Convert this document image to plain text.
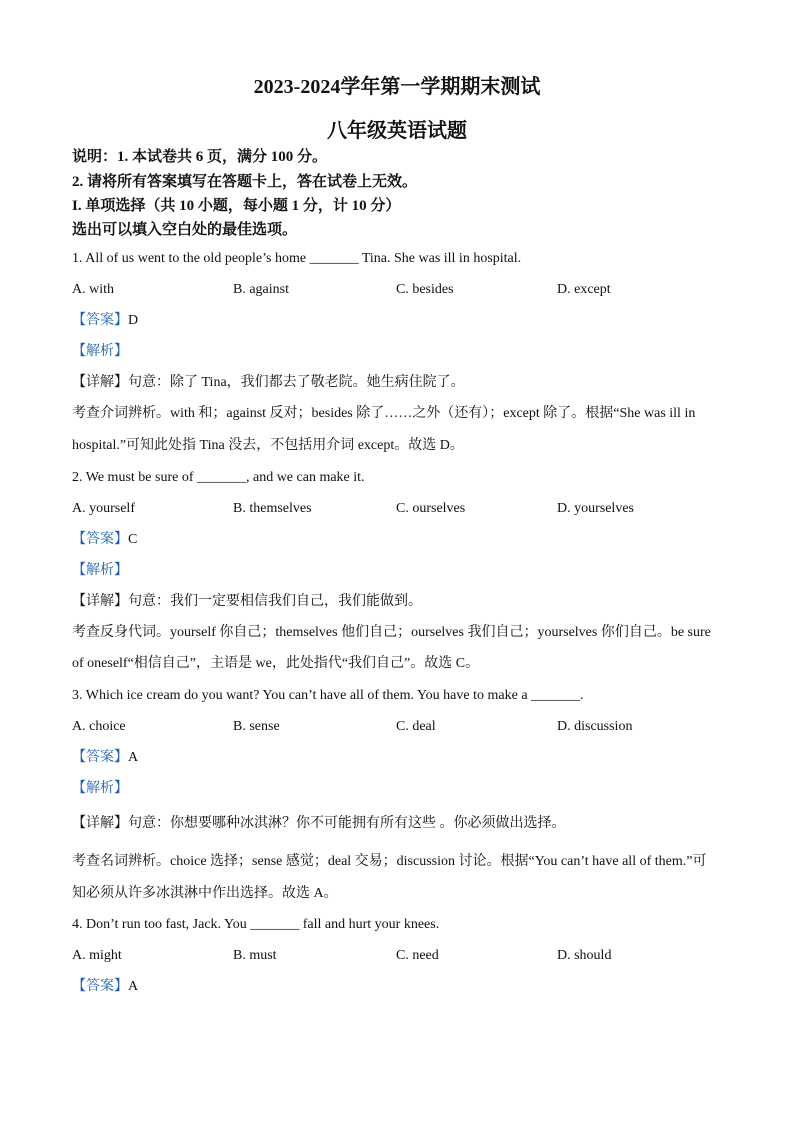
2023-2024学年第一学期期末测试
八年级英语试题
说明：1. 本试卷共 6 页，满分 100 分。
2. 请将所有答案填写在答题卡上，答在试卷上无效。
I. 单项选择（共 10 小题，每小题 1 分，计 10 分）
选出可以填入空白处的最佳选项。
1. All of us went to the old people’s home _______ Tina. She was ill in hospital.
A. with	B. against	C. besides	D. except
【答案】D
【解析】
【详解】句意：除了 Tina，我们都去了敬老院。她生病住院了。
考查介词辨析。with 和；against 反对；besides 除了……之外（还有）；except 除了。根据“She was ill in
hospital.”可知此处指 Tina 没去，不包括用介词 except。故选 D。
2. We must be sure of _______, and we can make it.
A. yourself	B. themselves	C. ourselves	D. yourselves
【答案】C
【解析】
【详解】句意：我们一定要相信我们自己，我们能做到。
考查反身代词。yourself 你自己；themselves 他们自己；ourselves 我们自己；yourselves 你们自己。be sure
of oneself“相信自己”，主语是 we，此处指代“我们自己”。故选 C。
3. Which ice cream do you want? You can’t have all of them. You have to make a _______.
A. choice	B. sense	C. deal	D. discussion
【答案】A
【解析】
【详解】句意：你想要哪种冰淇淋？你不可能拥有所有这些 。你必须做出选择。
考查名词辨析。choice 选择；sense 感觉；deal 交易；discussion 讨论。根据“You can’t have all of them.”可
知必须从许多冰淇淋中作出选择。故选 A。
4. Don’t run too fast, Jack. You _______ fall and hurt your knees.
A. might	B. must	C. need	D. should
【答案】A
